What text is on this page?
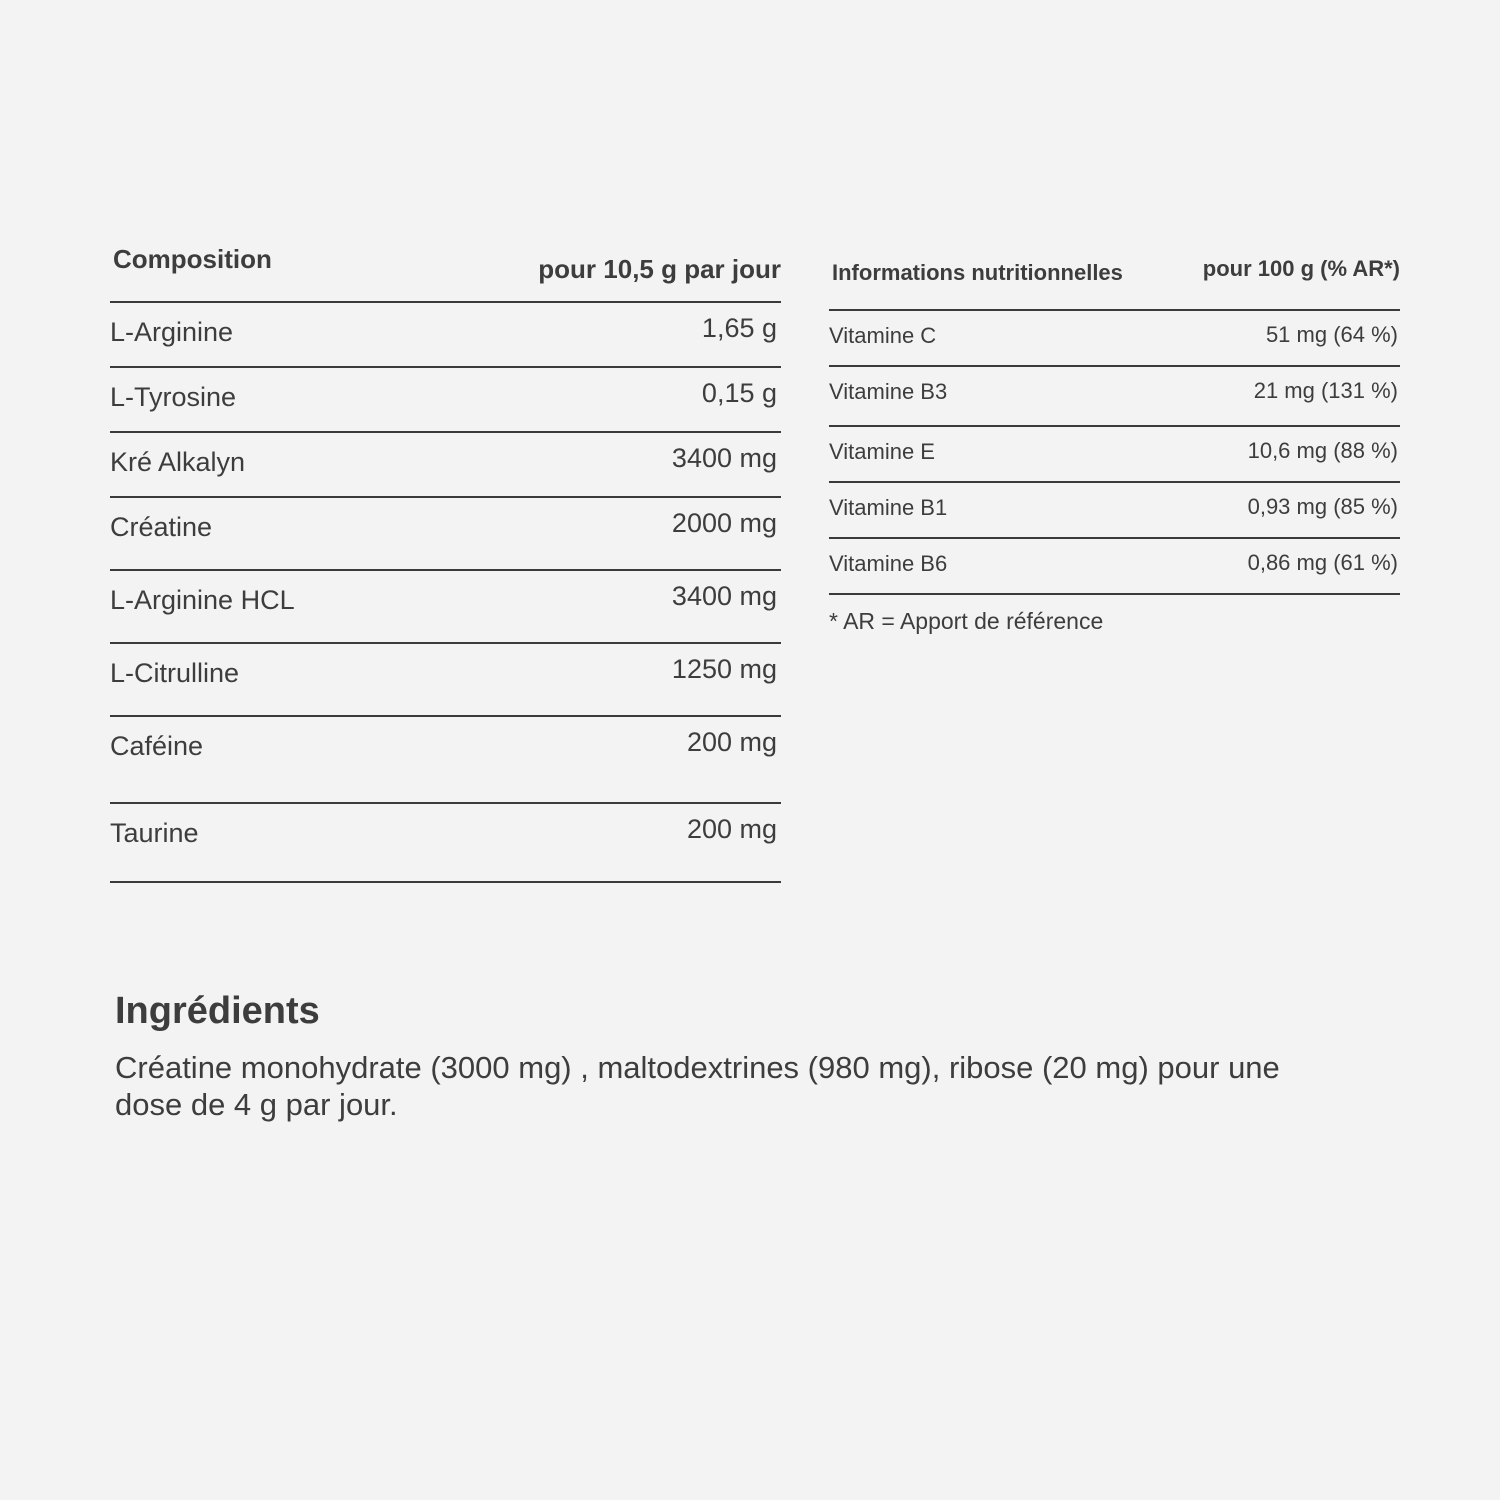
Composition	pour 10,5 g par jour
L-Arginine	1,65 g
L-Tyrosine	0,15 g
Kré Alkalyn	3400 mg
Créatine	2000 mg
L-Arginine HCL	3400 mg
L-Citrulline	1250 mg
Caféine	200 mg
Taurine	200 mg
Informations nutritionnelles	pour 100 g (% AR*)
Vitamine C	51 mg (64 %)
Vitamine B3	21 mg (131 %)
Vitamine E	10,6 mg (88 %)
Vitamine B1	0,93 mg (85 %)
Vitamine B6	0,86 mg (61 %)
* AR = Apport de référence
Ingrédients

Créatine monohydrate (3000 mg) , maltodextrines (980 mg), ribose (20 mg) pour une dose de 4 g par jour.
